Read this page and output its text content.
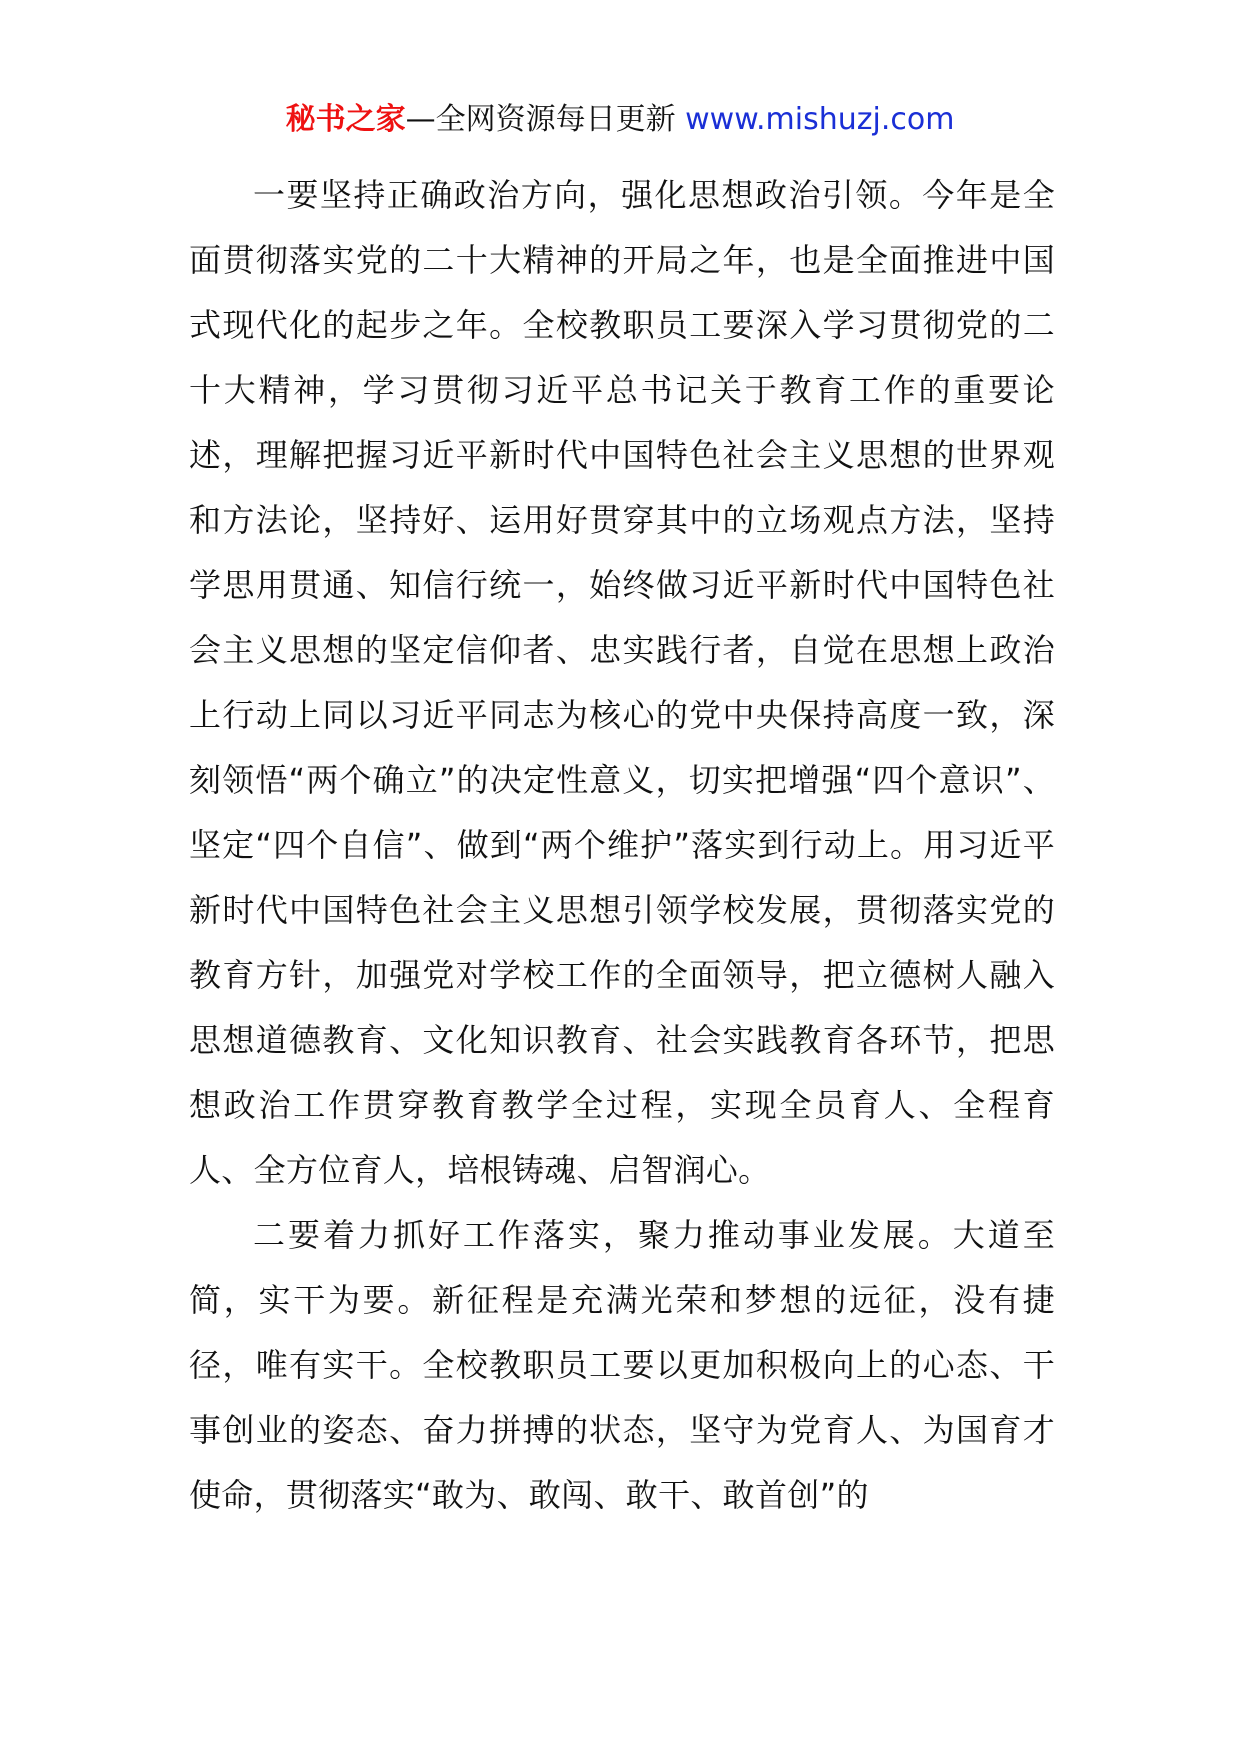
秘书之家—全网资源每日更新 www.mishuzj.com

一要坚持正确政治方向，强化思想政治引领。今年是全面贯彻落实党的二十大精神的开局之年，也是全面推进中国式现代化的起步之年。全校教职员工要深入学习贯彻党的二十大精神，学习贯彻习近平总书记关于教育工作的重要论述，理解把握习近平新时代中国特色社会主义思想的世界观和方法论，坚持好、运用好贯穿其中的立场观点方法，坚持学思用贯通、知信行统一，始终做习近平新时代中国特色社会主义思想的坚定信仰者、忠实践行者，自觉在思想上政治上行动上同以习近平同志为核心的党中央保持高度一致，深刻领悟“两个确立”的决定性意义，切实把增强“四个意识”、坚定“四个自信”、做到“两个维护”落实到行动上。用习近平新时代中国特色社会主义思想引领学校发展，贯彻落实党的教育方针，加强党对学校工作的全面领导，把立德树人融入思想道德教育、文化知识教育、社会实践教育各环节，把思想政治工作贯穿教育教学全过程，实现全员育人、全程育人、全方位育人，培根铸魂、启智润心。

二要着力抓好工作落实，聚力推动事业发展。大道至简，实干为要。新征程是充满光荣和梦想的远征，没有捷径，唯有实干。全校教职员工要以更加积极向上的心态、干事创业的姿态、奋力拼搏的状态，坚守为党育人、为国育才使命，贯彻落实“敢为、敢闯、敢干、敢首创”的
